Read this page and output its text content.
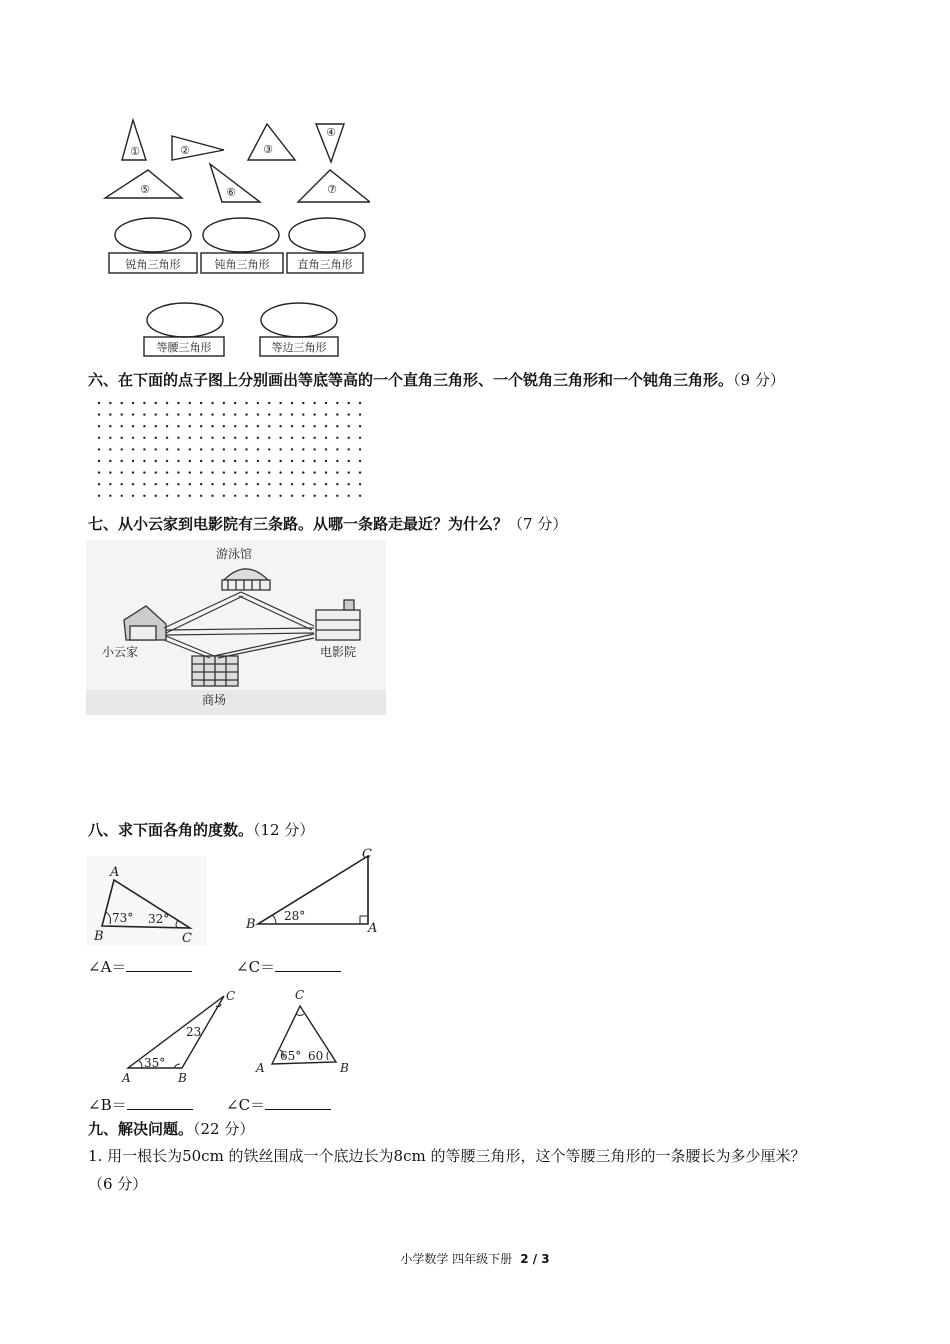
①	②	③
④
⑤	⑥	⑦
锐角三角形	钝角三角形	直角三角形
等腰三角形	等边三角形
六、在下面的点子图上分别画出等底等高的一个直角三角形、一个锐角三角形和一个钝角三角形。（9 分）
七、从小云家到电影院有三条路。从哪一条路走最近？为什么？（7 分）
游泳馆
小云家	电影院
商场
八、求下面各角的度数。（12 分）
A
B	C
73° 32°
C
B	A
28°
∠A＝	∠C＝
C
A	B
35°
23
C
A	B
65° 60
∠B＝	∠C＝
九、解决问题。（22 分）
1. 用一根长为50cm 的铁丝围成一个底边长为8cm 的等腰三角形，这个等腰三角形的一条腰长为多少厘米？
（6 分）
小学数学 四年级下册 2 / 3
